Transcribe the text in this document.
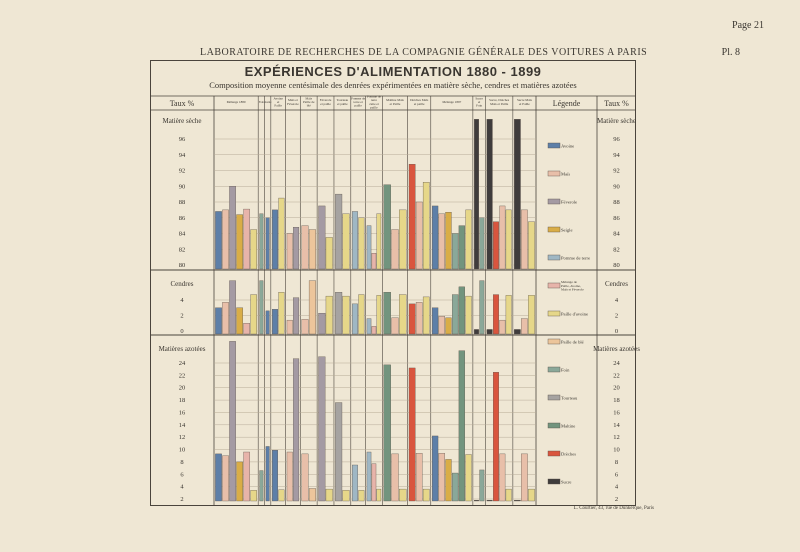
Page 21
LABORATOIRE DE RECHERCHES DE LA COMPAGNIE GÉNÉRALE DES VOITURES A PARIS	Pl. 8
EXPÉRIENCES D'ALIMENTATION 1880 - 1899
Composition moyenne centésimale des denrées expérimentées en matière sèche, cendres et matières azotées
L. Courtier, 43, rue de Dunkerque, Paris
Taux %	Taux %
Légende
Mélange 1880	Foin Avoine
Avoine et Paille
Maïs et Féverole
Maïs Paille de blé
Féverole et paille
Tourteau et paille
Pomme de terre et paille
Pomme de terre cuite et paille
Maltine Maïs et Paille
Drèches Maïs et paille	Mélange 1897
Sucre et Foin
Sucre, Drèches Maïs et Paille
Sucre Maïs et Paille
96	96
94	94
92	92
90	90
88	88
86	86
84	84
82	82
80	80
Matière sèche	Matière sèche
4	4
2	2
0	0
Cendres	Cendres
24	24
22	22
20	20
18	18
16	16
14	14
12	12
10	10
8	8
6	6
4	4
2	2
Matières azotées	Matières azotées
Avoine
Maïs
Féverole
Seigle
Pomme de terre
Mélange de Paille, Avoine, Maïs et Féverole
Paille d'avoine
Paille de blé
Foin
Tourteau
Maltine
Drèches
Sucre
